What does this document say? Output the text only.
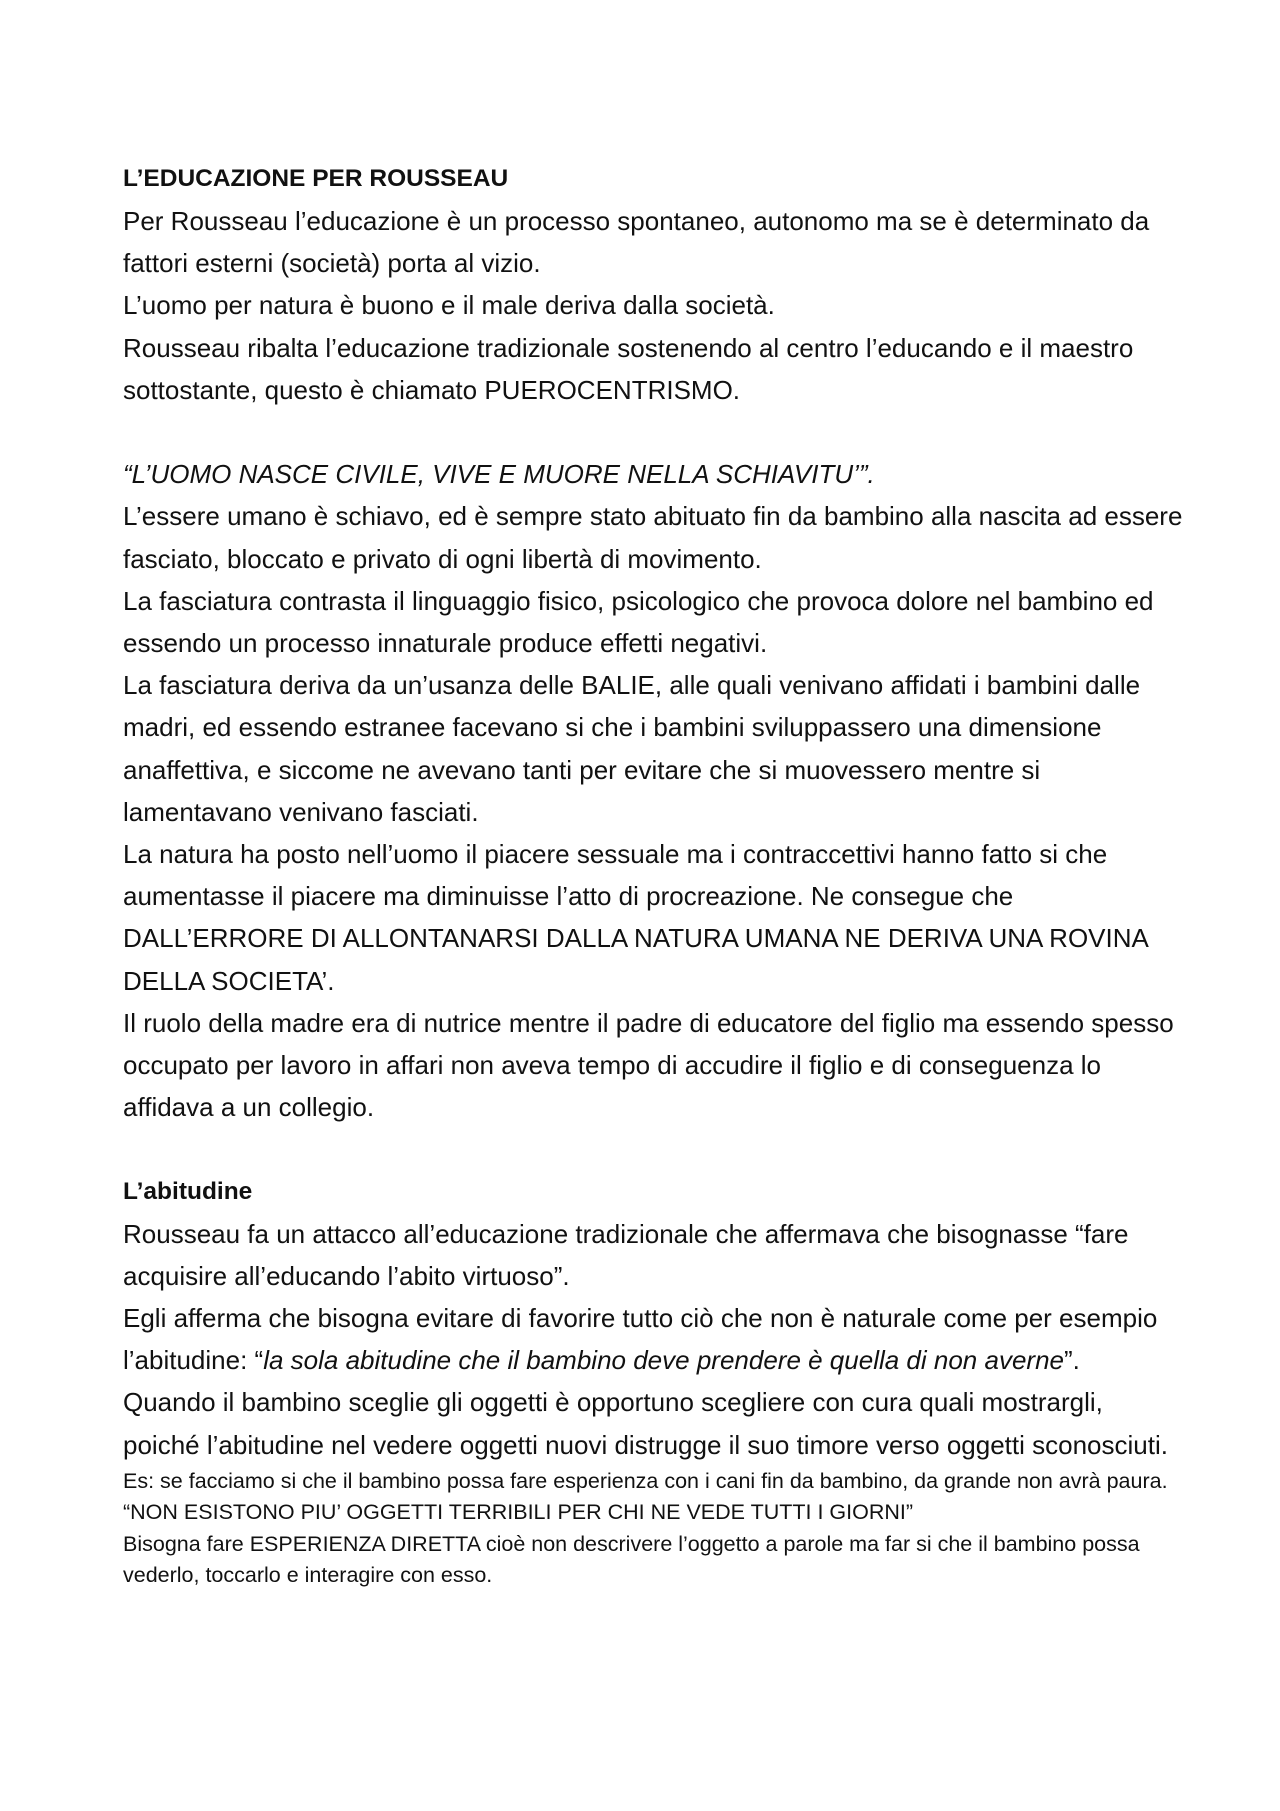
L’EDUCAZIONE PER ROUSSEAU

Per Rousseau l’educazione è un processo spontaneo, autonomo ma se è determinato da fattori esterni (società) porta al vizio.

L’uomo per natura è buono e il male deriva dalla società.

Rousseau ribalta l’educazione tradizionale sostenendo al centro l’educando e il maestro sottostante, questo è chiamato PUEROCENTRISMO.

“L’UOMO NASCE CIVILE, VIVE E MUORE NELLA SCHIAVITU’”.

L’essere umano è schiavo, ed è sempre stato abituato fin da bambino alla nascita ad essere fasciato, bloccato e privato di ogni libertà di movimento.

La fasciatura contrasta il linguaggio fisico, psicologico che provoca dolore nel bambino ed essendo un processo innaturale produce effetti negativi.

La fasciatura deriva da un’usanza delle BALIE, alle quali venivano affidati i bambini dalle madri, ed essendo estranee facevano si che i bambini sviluppassero una dimensione anaffettiva, e siccome ne avevano tanti per evitare che si muovessero mentre si lamentavano venivano fasciati.

La natura ha posto nell’uomo il piacere sessuale ma i contraccettivi hanno fatto si che aumentasse il piacere ma diminuisse l’atto di procreazione. Ne consegue che DALL’ERRORE DI ALLONTANARSI DALLA NATURA UMANA NE DERIVA UNA ROVINA DELLA SOCIETA’.

Il ruolo della madre era di nutrice mentre il padre di educatore del figlio ma essendo spesso occupato per lavoro in affari non aveva tempo di accudire il figlio e di conseguenza lo affidava a un collegio.

L’abitudine

Rousseau fa un attacco all’educazione tradizionale che affermava che bisognasse “fare acquisire all’educando l’abito virtuoso”.

Egli afferma che bisogna evitare di favorire tutto ciò che non è naturale come per esempio l’abitudine: “la sola abitudine che il bambino deve prendere è quella di non averne”.

Quando il bambino sceglie gli oggetti è opportuno scegliere con cura quali mostrargli, poiché l’abitudine nel vedere oggetti nuovi distrugge il suo timore verso oggetti sconosciuti.

Es: se facciamo si che il bambino possa fare esperienza con i cani fin da bambino, da grande non avrà paura. “NON ESISTONO PIU’ OGGETTI TERRIBILI PER CHI NE VEDE TUTTI I GIORNI”

Bisogna fare ESPERIENZA DIRETTA cioè non descrivere l’oggetto a parole ma far si che il bambino possa vederlo, toccarlo e interagire con esso.
